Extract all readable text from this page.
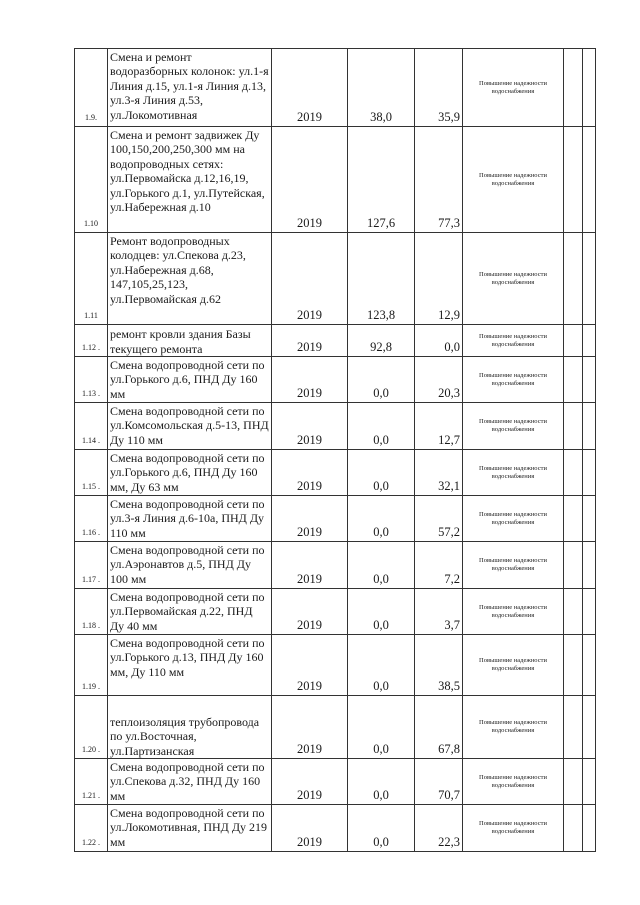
1.9.	Смена и ремонт водоразборных колонок: ул.1-я Линия д.15, ул.1-я Линия д.13, ул.3-я Линия д.53, ул.Локомотивная	2019	38,0	35,9	Повышение надежности водоснабжения		
1.10	Смена и ремонт задвижек Ду 100,150,200,250,300 мм на водопроводных сетях: ул.Первомайска д.12,16,19, ул.Горького д.1, ул.Путейская, ул.Набережная д.10	2019	127,6	77,3	Повышение надежности водоснабжения		
1.11	Ремонт водопроводных колодцев: ул.Спекова д.23, ул.Набережная д.68, 147,105,25,123, ул.Первомайская д.62	2019	123,8	12,9	Повышение надежности водоснабжения		
1.12 .	ремонт кровли здания Базы текущего ремонта	2019	92,8	0,0	Повышение надежности водоснабжения		
1.13 .	Смена водопроводной сети по ул.Горького д.6, ПНД Ду 160 мм	2019	0,0	20,3	Повышение надежности водоснабжения		
1.14 .	Смена водопроводной сети по ул.Комсомольская д.5-13, ПНД Ду 110 мм	2019	0,0	12,7	Повышение надежности водоснабжения		
1.15 .	Смена водопроводной сети по ул.Горького д.6, ПНД Ду 160 мм, Ду 63 мм	2019	0,0	32,1	Повышение надежности водоснабжения		
1.16 .	Смена водопроводной сети по ул.3-я Линия д.6-10а, ПНД Ду 110 мм	2019	0,0	57,2	Повышение надежности водоснабжения		
1.17 .	Смена водопроводной сети по ул.Аэронавтов д.5, ПНД Ду 100 мм	2019	0,0	7,2	Повышение надежности водоснабжения		
1.18 .	Смена водопроводной сети по ул.Первомайская д.22, ПНД Ду 40 мм	2019	0,0	3,7	Повышение надежности водоснабжения		
1.19 .	Смена водопроводной сети по ул.Горького д.13, ПНД Ду 160 мм, Ду 110 мм	2019	0,0	38,5	Повышение надежности водоснабжения		
1.20 .	теплоизоляция трубопровода по ул.Восточная, ул.Партизанская	2019	0,0	67,8	Повышение надежности водоснабжения		
1.21 .	Смена водопроводной сети по ул.Спекова д.32, ПНД Ду 160 мм	2019	0,0	70,7	Повышение надежности водоснабжения		
1.22 .	Смена водопроводной сети по ул.Локомотивная, ПНД Ду 219 мм	2019	0,0	22,3	Повышение надежности водоснабжения		
